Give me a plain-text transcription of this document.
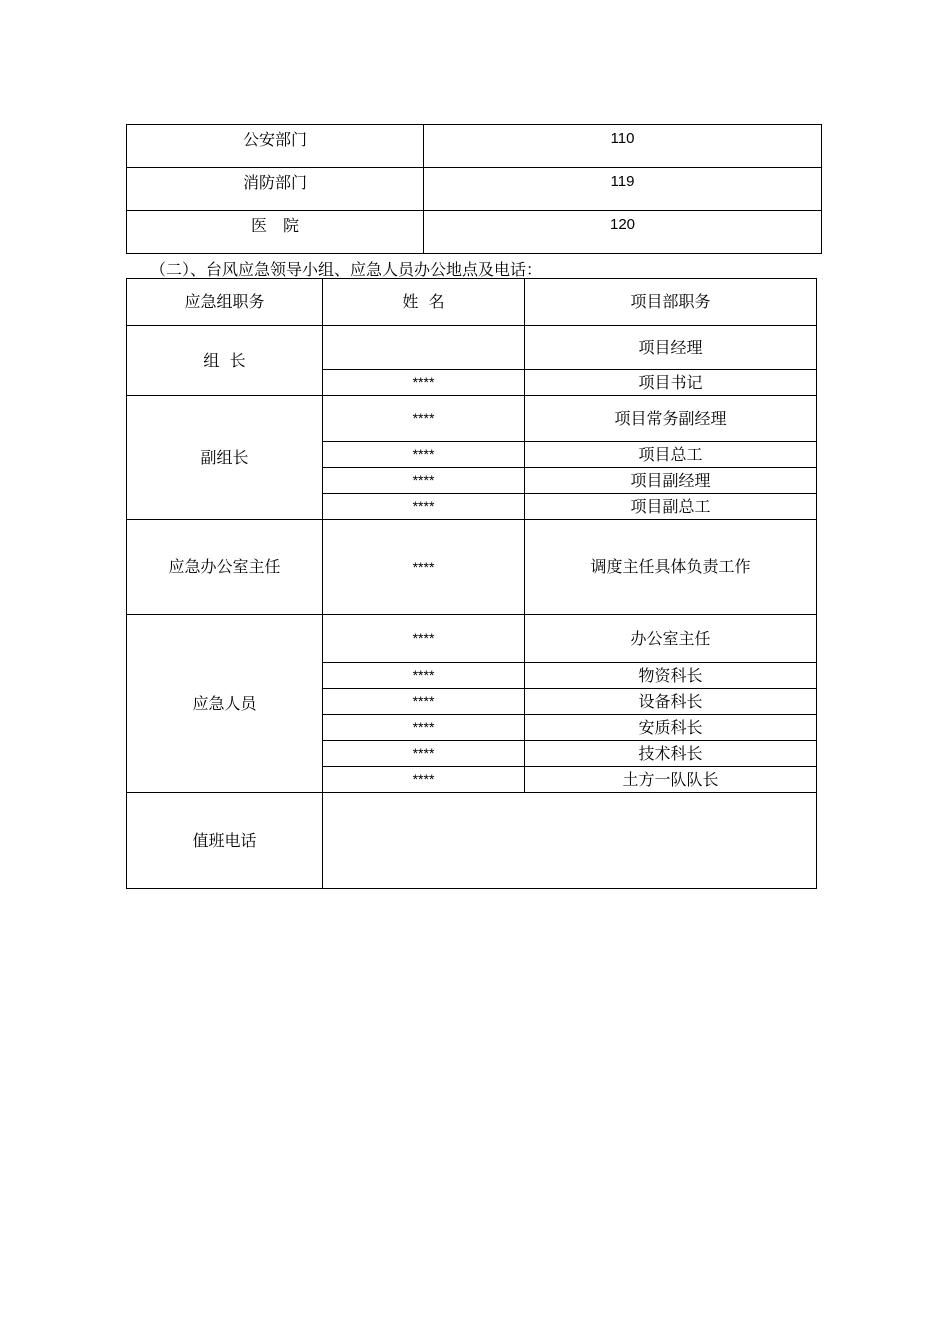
公安部门	110
消防部门	119
医　院	120
（二）、台风应急领导小组、应急人员办公地点及电话：
应急组职务	姓  名	项目部职务
组  长		项目经理
	****	项目书记
副组长	****	项目常务副经理
	****	项目总工
	****	项目副经理
	****	项目副总工
应急办公室主任	****	调度主任具体负责工作
应急人员	****	办公室主任
	****	物资科长
	****	设备科长
	****	安质科长
	****	技术科长
	****	土方一队队长
值班电话		
